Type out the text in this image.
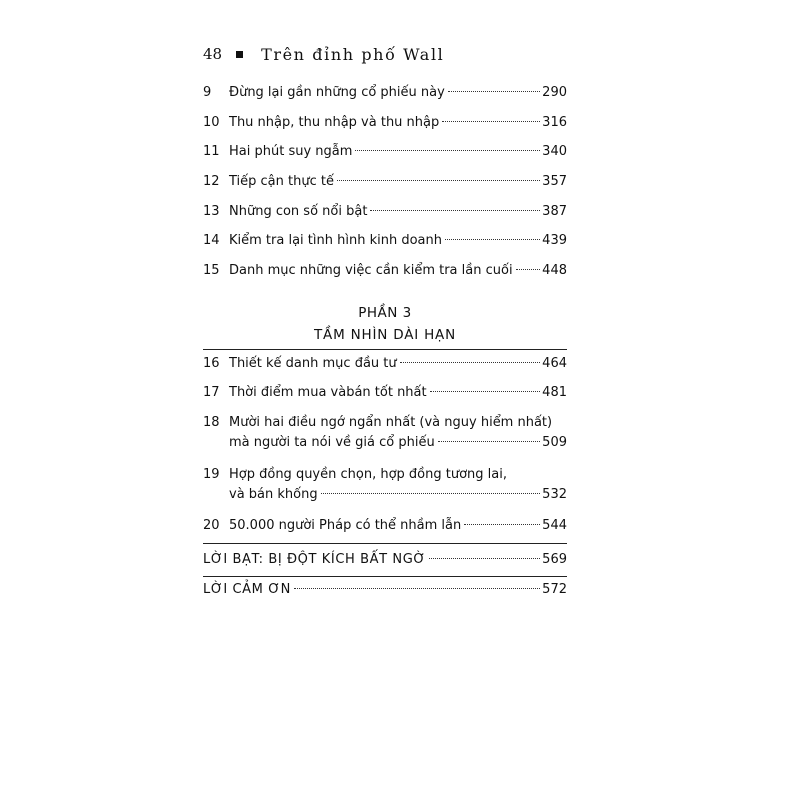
48 Trên đỉnh phố Wall
9	Đừng lại gần những cổ phiếu này	290
10 Thu nhập, thu nhập và thu nhập	316
11 Hai phút suy ngẫm	340
12 Tiếp cận thực tế	357
13 Những con số nổi bật	387
14 Kiểm tra lại tình hình kinh doanh	439
15 Danh mục những việc cần kiểm tra lần cuối 448
PHẦN 3
TẦM NHÌN DÀI HẠN
16 Thiết kế danh mục đầu tư	464
17 Thời điểm mua vàbán tốt nhất	481
18 Mười hai điều ngớ ngẩn nhất (và nguy hiểm nhất)
mà người ta nói về giá cổ phiếu	509
19 Hợp đồng quyền chọn, hợp đồng tương lai,
và bán khống	532
20 50.000 người Pháp có thể nhầm lẫn	544
LỜI BẠT: BỊ ĐỘT KÍCH BẤT NGỜ	569
LỜI CẢM ƠN	572
